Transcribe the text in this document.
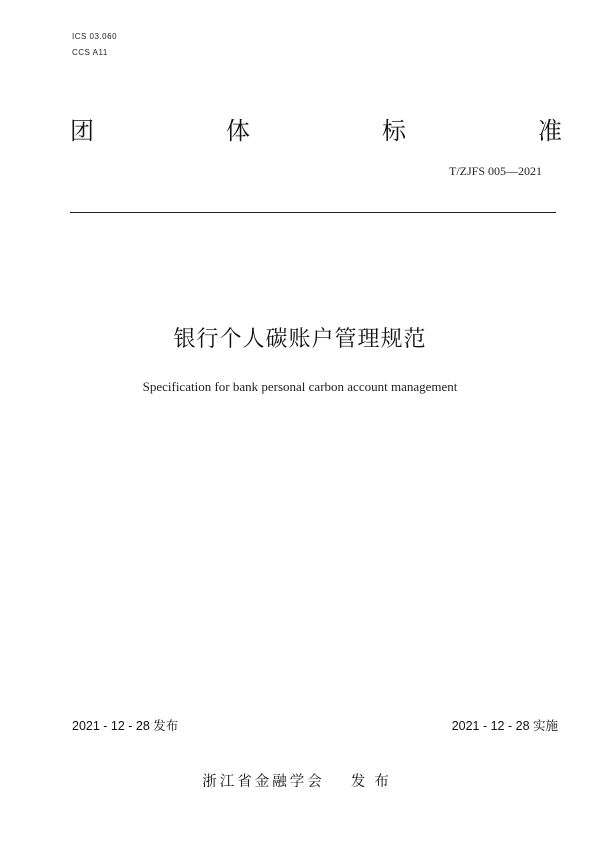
ICS 03.060
CCS A11
团	体	标	准
T/ZJFS 005—2021
银行个人碳账户管理规范
Specification for bank personal carbon account management
2021 - 12 - 28 发布	2021 - 12 - 28 实施
浙江省金融学会 发布
